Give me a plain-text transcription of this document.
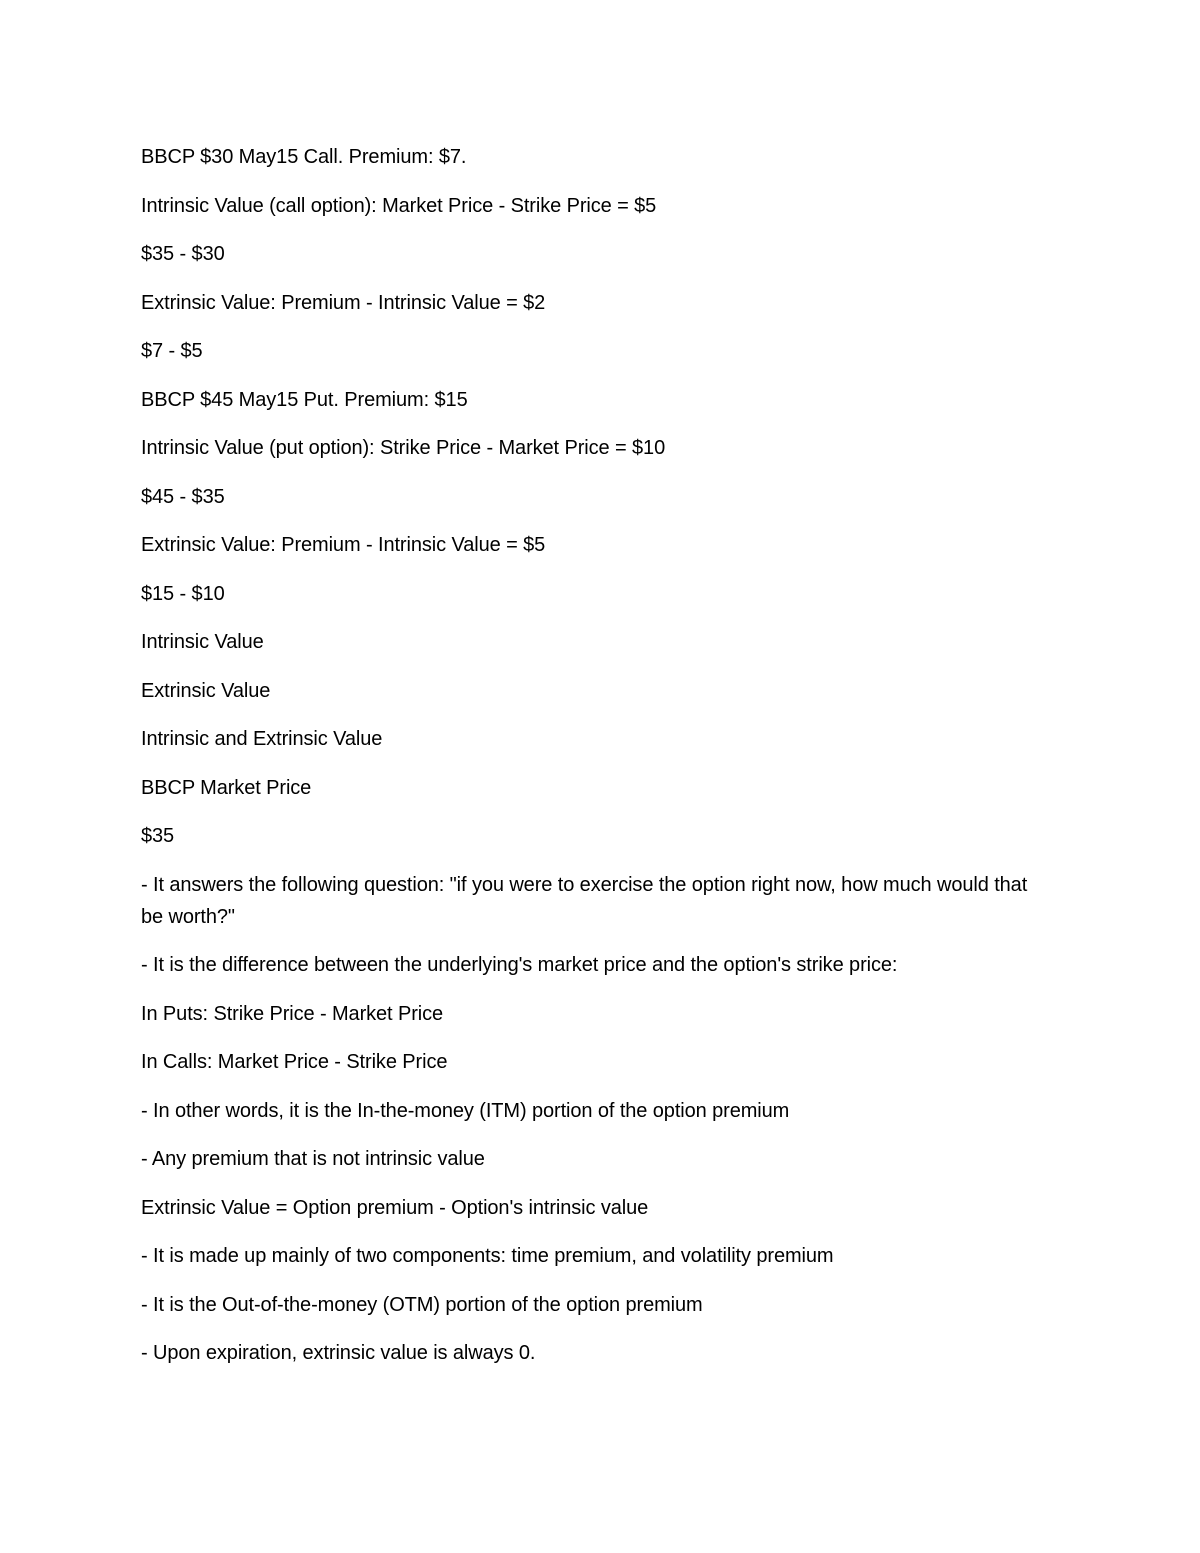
BBCP $30 May15 Call. Premium: $7.

Intrinsic Value (call option): Market Price - Strike Price = $5

$35 - $30

Extrinsic Value: Premium - Intrinsic Value = $2

$7 - $5

BBCP $45 May15 Put. Premium: $15

Intrinsic Value (put option): Strike Price - Market Price = $10

$45 - $35

Extrinsic Value: Premium - Intrinsic Value = $5

$15 - $10

Intrinsic Value

Extrinsic Value

Intrinsic and Extrinsic Value

BBCP Market Price

$35

- It answers the following question: "if you were to exercise the option right now, how much would that be worth?"

- It is the difference between the underlying's market price and the option's strike price:

In Puts: Strike Price - Market Price

In Calls: Market Price - Strike Price

- In other words, it is the In-the-money (ITM) portion of the option premium

- Any premium that is not intrinsic value

Extrinsic Value = Option premium - Option's intrinsic value

- It is made up mainly of two components: time premium, and volatility premium

- It is the Out-of-the-money (OTM) portion of the option premium

- Upon expiration, extrinsic value is always 0.
